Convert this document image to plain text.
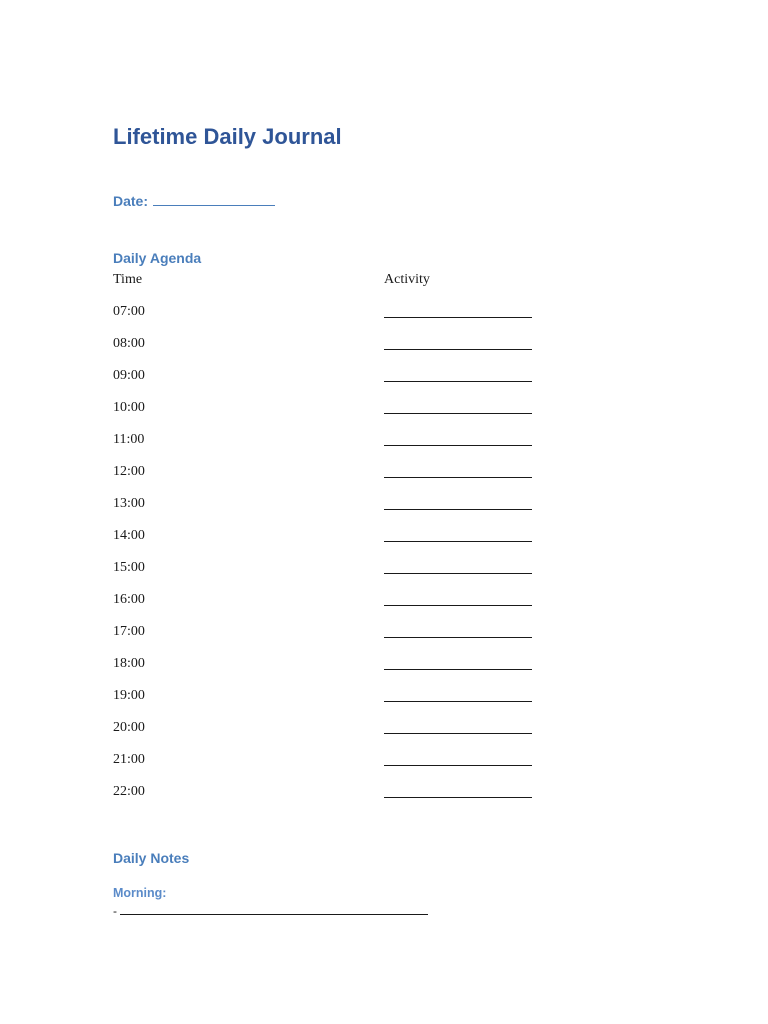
Lifetime Daily Journal
Date:
Daily Agenda
Time	Activity
07:00
08:00
09:00
10:00
11:00
12:00
13:00
14:00
15:00
16:00
17:00
18:00
19:00
20:00
21:00
22:00
Daily Notes
Morning:
-
